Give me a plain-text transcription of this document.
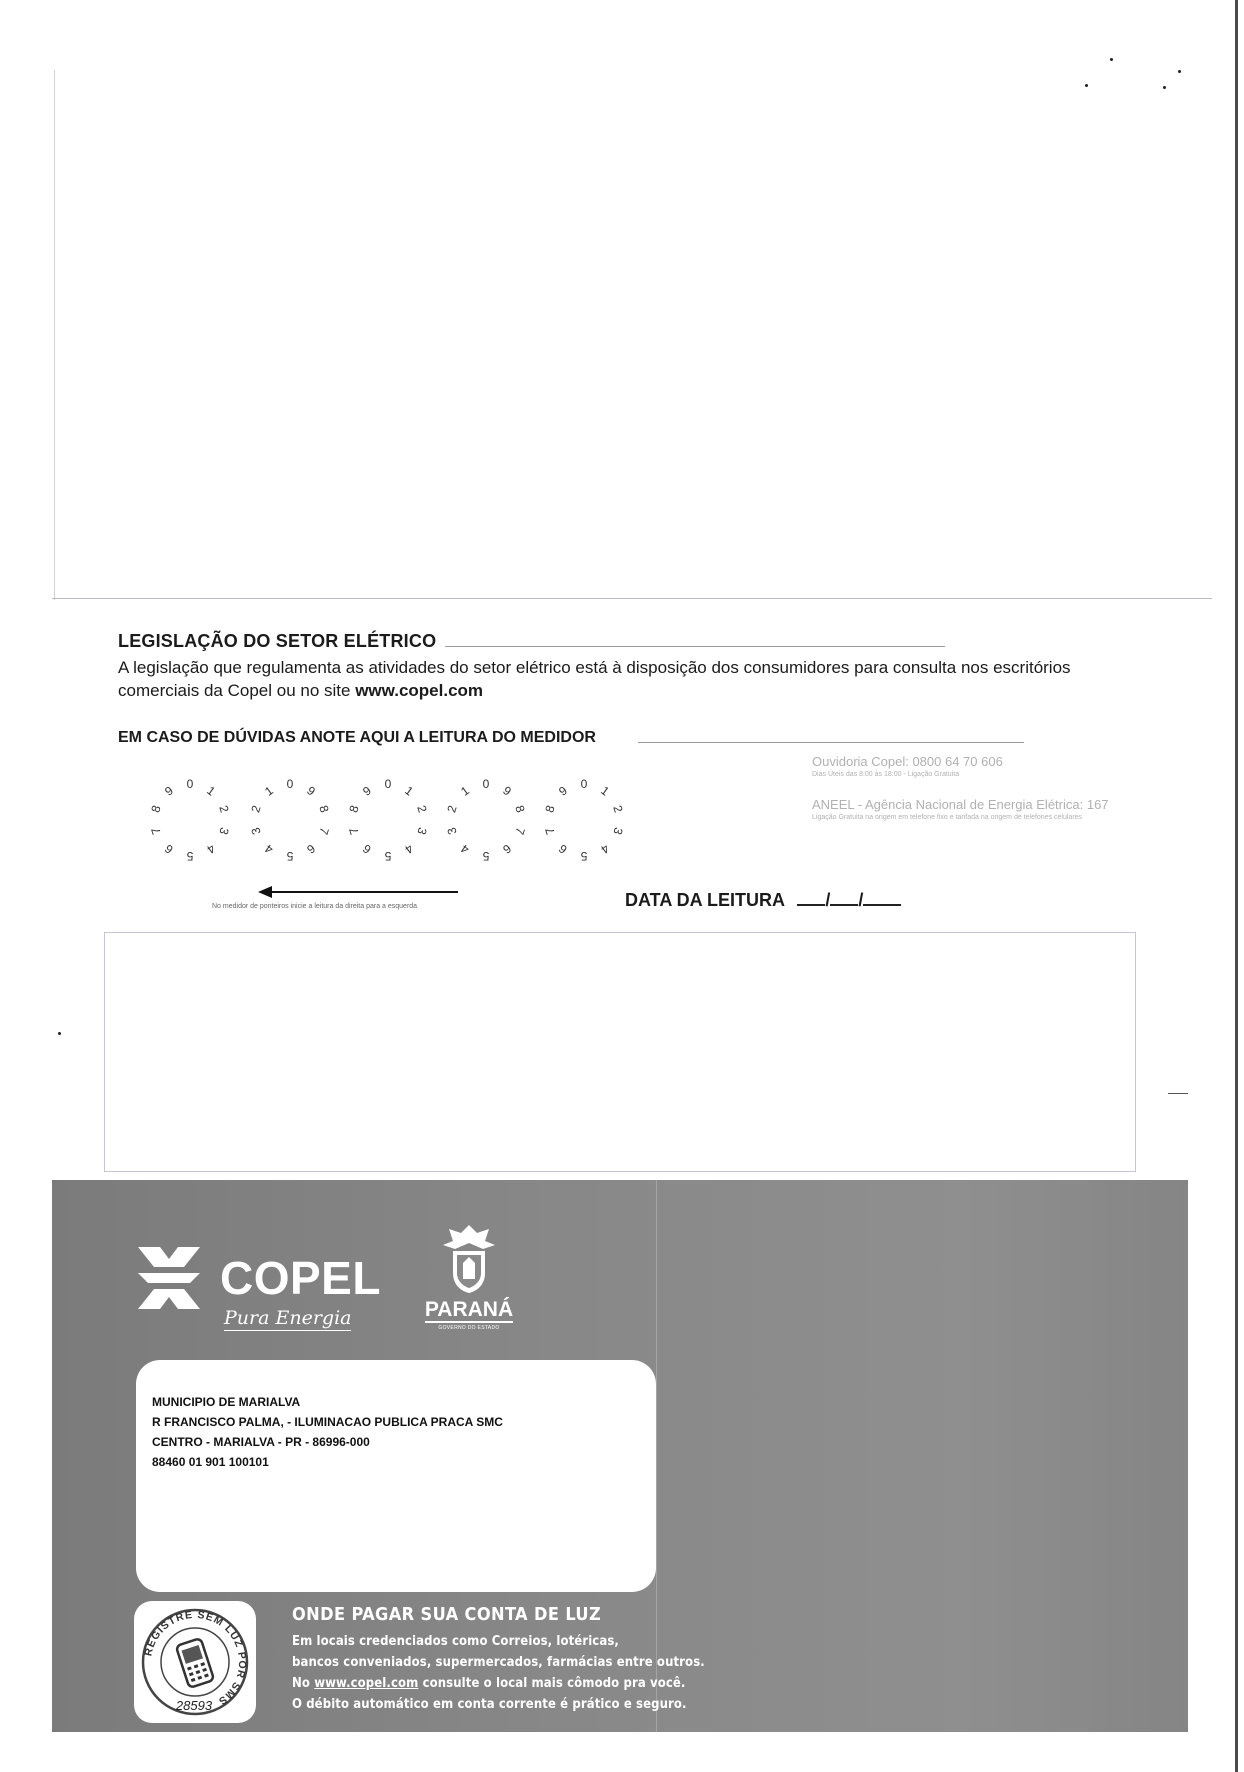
LEGISLAÇÃO DO SETOR ELÉTRICO
A legislação que regulamenta as atividades do setor elétrico está à disposição dos consumidores para consulta nos escritórios comerciais da Copel ou no site www.copel.com
EM CASO DE DÚVIDAS ANOTE AQUI A LEITURA DO MEDIDOR
Ouvidoria Copel: 0800 64 70 606
Dias Úteis das 8:00 às 18:00 - Ligação Gratuita
ANEEL - Agência Nacional de Energia Elétrica: 167
Ligação Gratuita na origem em telefone fixo e tarifada na origem de telefones celulares
0 1
2
3
4
5
6
7
8
9	0
1
2
3
4 5 6
7
8
9	0 1
2
3
4
5
6
7
8
9	0
1
2
3
4 5 6
7
8
9	0 1
2
3
4
5
6
7
8
9
No medidor de ponteiros inicie a leitura da direita para a esquerda	DATA DA LEITURA / /
COPEL
Pura Energia	PARANÁ
GOVERNO DO ESTADO
MUNICIPIO DE MARIALVA
R FRANCISCO PALMA, - ILUMINACAO PUBLICA PRACA SMC
CENTRO - MARIALVA - PR - 86996-000
88460 01 901 100101
REGISTRE SEM LUZ POR SMS
28593
ONDE PAGAR SUA CONTA DE LUZ
Em locais credenciados como Correios, lotéricas,
bancos conveniados, supermercados, farmácias entre outros.
No www.copel.com consulte o local mais cômodo pra você.
O débito automático em conta corrente é prático e seguro.
